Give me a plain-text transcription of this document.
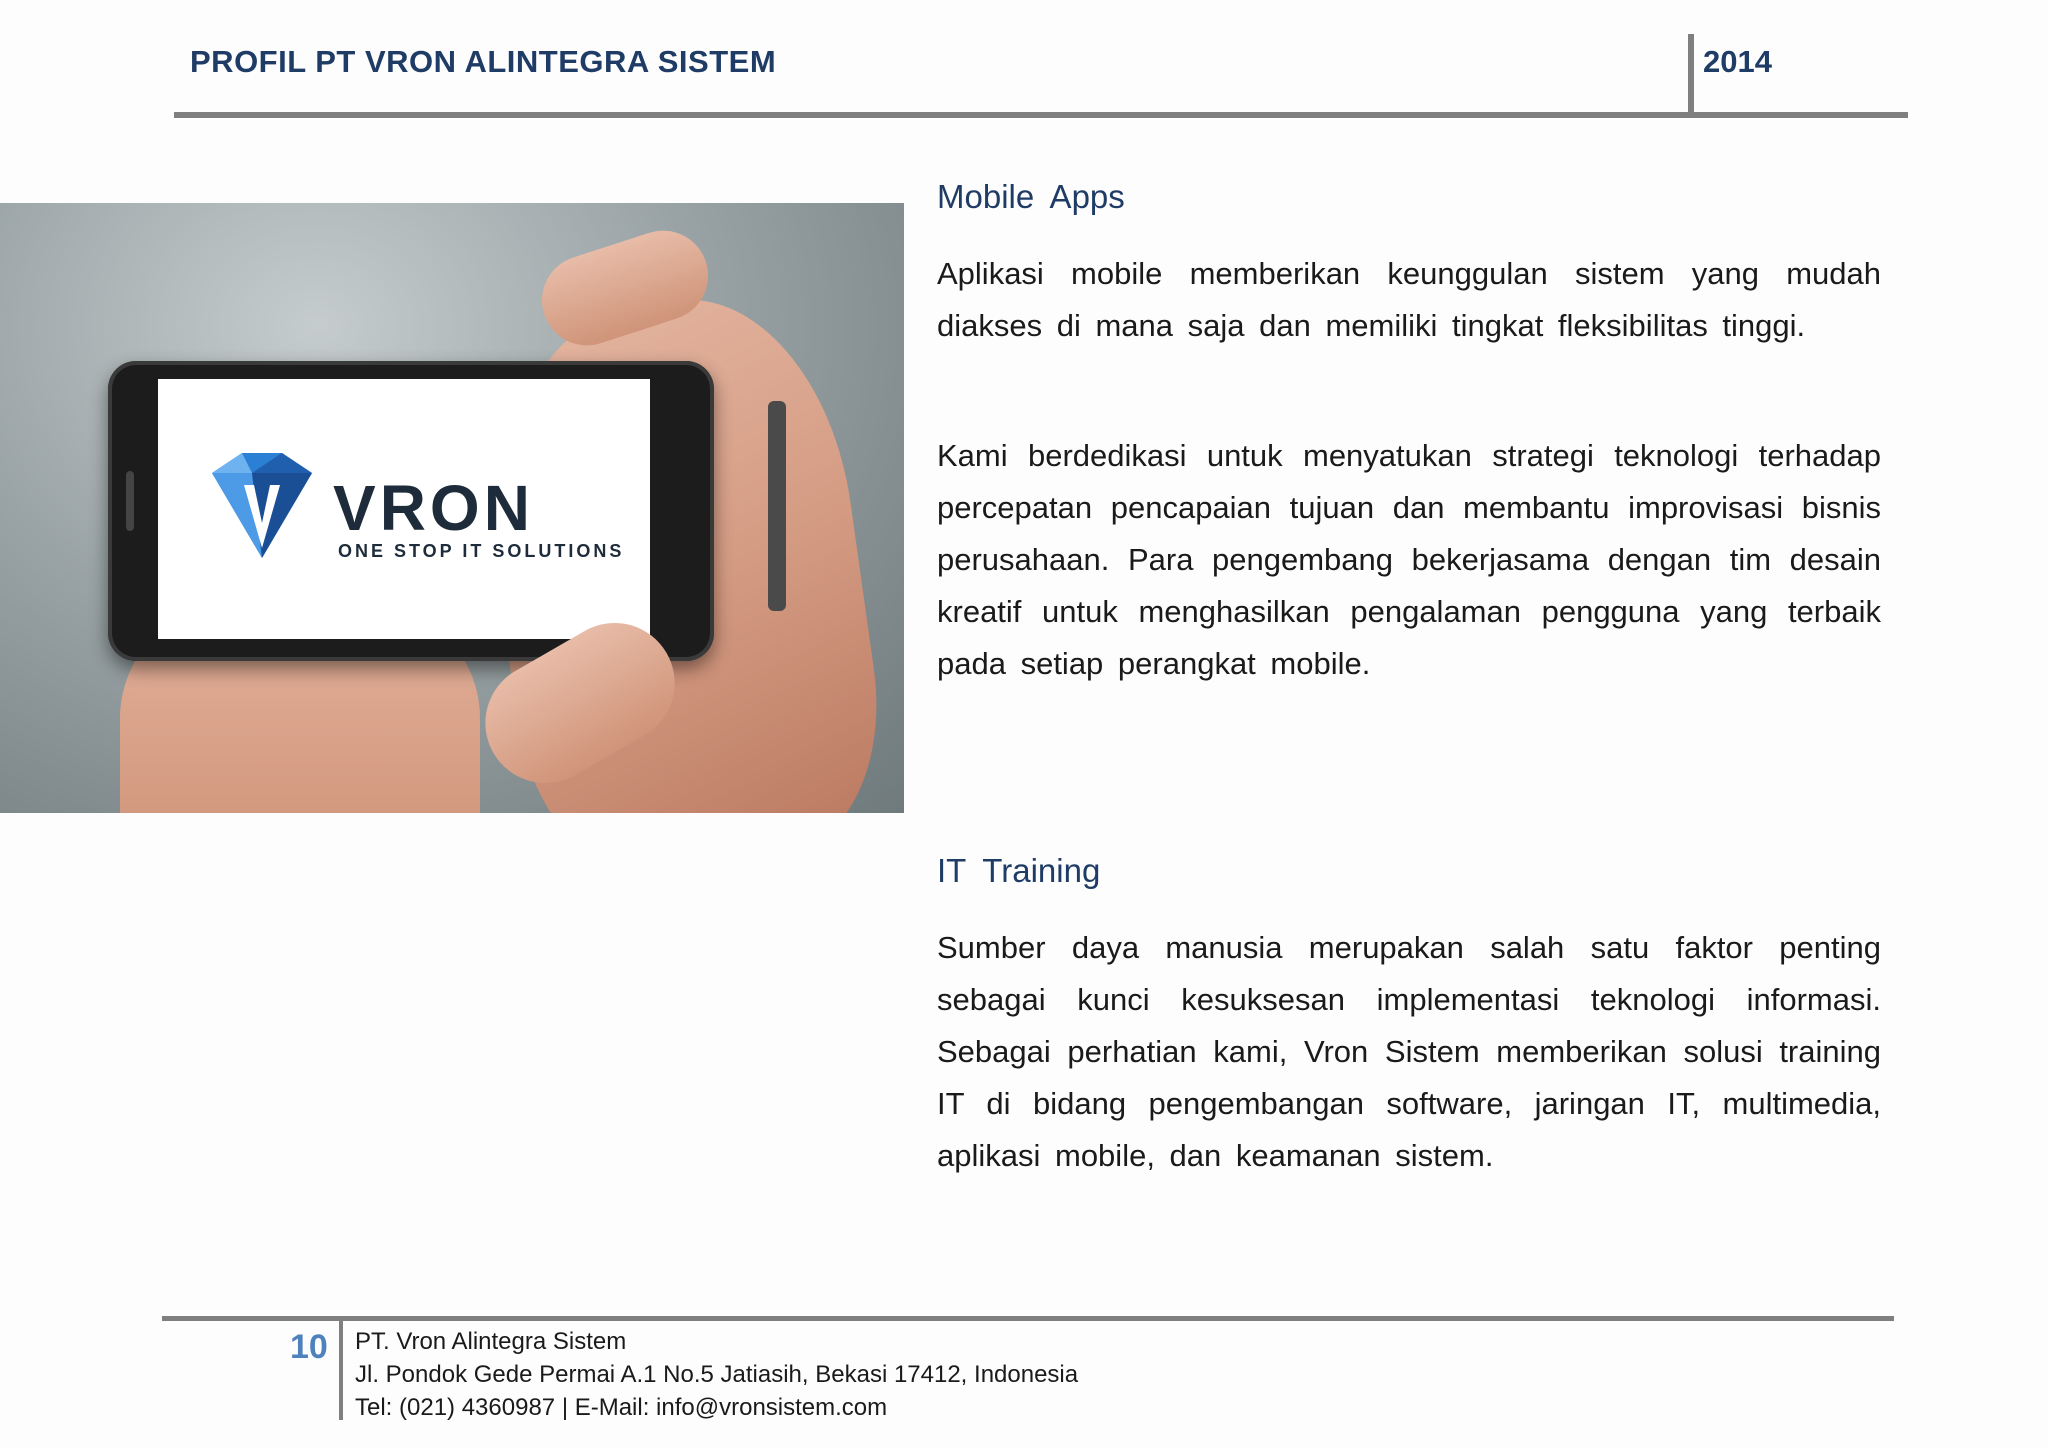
PROFIL PT VRON ALINTEGRA SISTEM	2014
VRON
ONE STOP IT SOLUTIONS
Mobile Apps

Aplikasi mobile memberikan keunggulan sistem yang mudah diakses di mana saja dan memiliki tingkat fleksibilitas tinggi.

Kami berdedikasi untuk menyatukan strategi teknologi terhadap percepatan pencapaian tujuan dan membantu improvisasi bisnis perusahaan. Para pengembang bekerjasama dengan tim desain kreatif untuk menghasilkan pengalaman pengguna yang terbaik pada setiap perangkat mobile.

IT Training

Sumber daya manusia merupakan salah satu faktor penting sebagai kunci kesuksesan implementasi teknologi informasi. Sebagai perhatian kami, Vron Sistem memberikan solusi training IT di bidang pengembangan software, jaringan IT, multimedia, aplikasi mobile, dan keamanan sistem.

10 PT. Vron Alintegra Sistem
Jl. Pondok Gede Permai A.1 No.5 Jatiasih, Bekasi 17412, Indonesia
Tel: (021) 4360987 | E-Mail: info@vronsistem.com
